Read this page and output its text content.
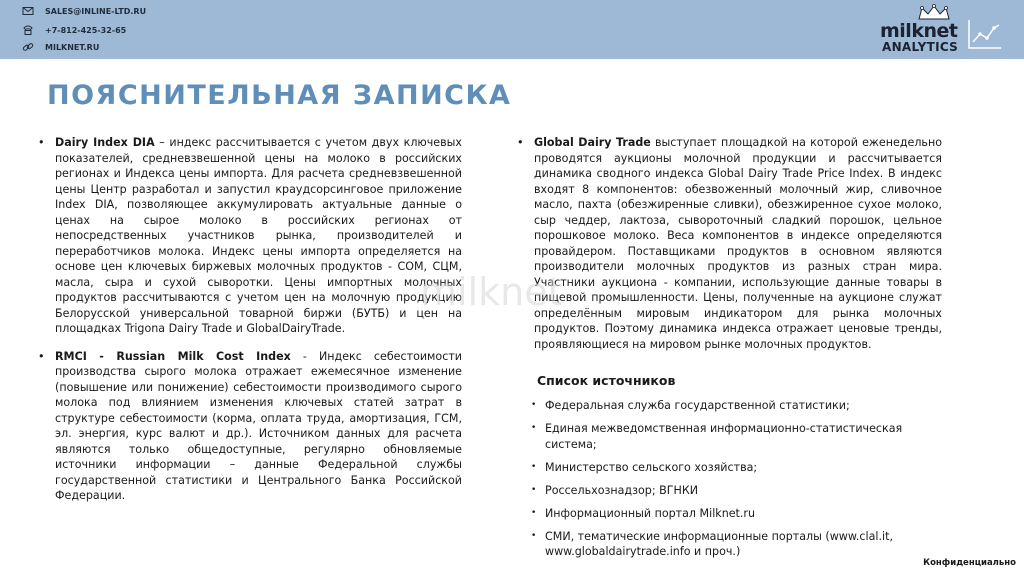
SALES@INLINE-LTD.RU
+7-812-425-32-65
MILKNET.RU
milknet
ANALYTICS
ПОЯСНИТЕЛЬНАЯ ЗАПИСКА
• Dairy Index DIA – индекс рассчитывается с учетом двух ключевых показателей, средневзвешенной цены на молоко в российских регионах и Индекса цены импорта. Для расчета средневзвешенной цены Центр разработал и запустил краудсорсинговое приложение Index DIA, позволяющее аккумулировать актуальные данные о ценах на сырое молоко в российских регионах от непосредственных участников рынка, производителей и переработчиков молока. Индекс цены импорта определяется на основе цен ключевых биржевых молочных продуктов - СОМ, СЦМ, масла, сыра и сухой сыворотки. Цены импортных молочных продуктов рассчитываются с учетом цен на молочную продукцию Белорусской универсальной товарной биржи (БУТБ) и цен на площадках Trigona Dairy Trade и GlobalDairyTrade.
• RMCI - Russian Milk Cost Index - Индекс себестоимости производства сырого молока отражает ежемесячное изменение (повышение или понижение) себестоимости производимого сырого молока под влиянием изменения ключевых статей затрат в структуре себестоимости (корма, оплата труда, амортизация, ГСМ, эл. энергия, курс валют и др.). Источником данных для расчета являются только общедоступные, регулярно обновляемые источники информации – данные Федеральной службы государственной статистики и Центрального Банка Российской Федерации.
• Global Dairy Trade выступает площадкой на которой еженедельно проводятся аукционы молочной продукции и рассчитывается динамика сводного индекса Global Dairy Trade Price Index. В индекс входят 8 компонентов: обезвоженный молочный жир, сливочное масло, пахта (обезжиренные сливки), обезжиренное сухое молоко, сыр чеддер, лактоза, сывороточный сладкий порошок, цельное порошковое молоко. Веса компонентов в индексе определяются провайдером. Поставщиками продуктов в основном являются производители молочных продуктов из разных стран мира. Участники аукциона - компании, использующие данные товары в пищевой промышленности. Цены, полученные на аукционе служат определённым мировым индикатором для рынка молочных продуктов. Поэтому динамика индекса отражает ценовые тренды, проявляющиеся на мировом рынке молочных продуктов.
Список источников
• Федеральная служба государственной статистики;
• Единая межведомственная информационно-статистическая система;
• Министерство сельского хозяйства;
• Россельхознадзор; ВГНКИ
• Информационный портал Milknet.ru
• СМИ, тематические информационные порталы (www.clal.it, www.globaldairytrade.info и проч.)
milknet
Конфиденциально
